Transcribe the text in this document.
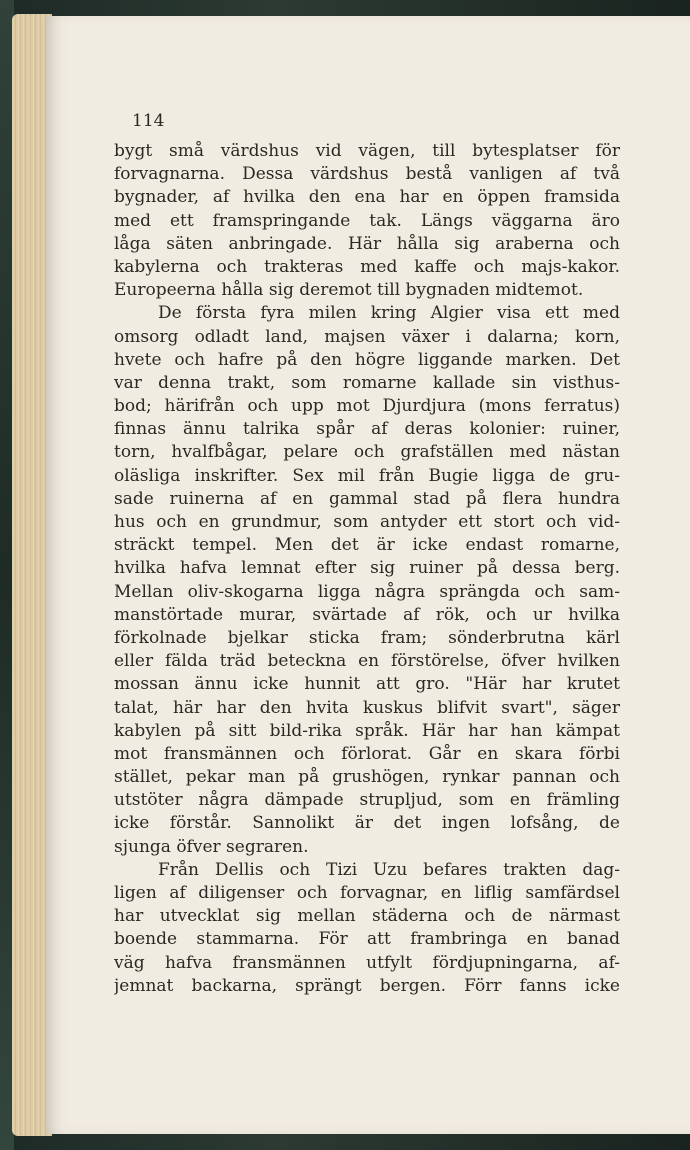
114
bygt små värdshus vid vägen, till bytesplatser för
forvagnarna. Dessa värdshus bestå vanligen af två
bygnader, af hvilka den ena har en öppen framsida
med ett framspringande tak. Längs väggarna äro
låga säten anbringade. Här hålla sig araberna och
kabylerna och trakteras med kaffe och majs-kakor.
Europeerna hålla sig deremot till bygnaden midtemot.
De första fyra milen kring Algier visa ett med
omsorg odladt land, majsen växer i dalarna; korn,
hvete och hafre på den högre liggande marken. Det
var denna trakt, som romarne kallade sin visthus-
bod; härifrån och upp mot Djurdjura (mons ferratus)
finnas ännu talrika spår af deras kolonier: ruiner,
torn, hvalfbågar, pelare och grafställen med nästan
oläsliga inskrifter. Sex mil från Bugie ligga de gru-
sade ruinerna af en gammal stad på flera hundra
hus och en grundmur, som antyder ett stort och vid-
sträckt tempel. Men det är icke endast romarne,
hvilka hafva lemnat efter sig ruiner på dessa berg.
Mellan oliv-skogarna ligga några sprängda och sam-
manstörtade murar, svärtade af rök, och ur hvilka
förkolnade bjelkar sticka fram; sönderbrutna kärl
eller fälda träd beteckna en förstörelse, öfver hvilken
mossan ännu icke hunnit att gro. "Här har krutet
talat, här har den hvita kuskus blifvit svart", säger
kabylen på sitt bild-rika språk. Här har han kämpat
mot fransmännen och förlorat. Går en skara förbi
stället, pekar man på grushögen, rynkar pannan och
utstöter några dämpade strupljud, som en främling
icke förstår. Sannolikt är det ingen lofsång, de
sjunga öfver segraren.
Från Dellis och Tizi Uzu befares trakten dag-
ligen af diligenser och forvagnar, en liflig samfärdsel
har utvecklat sig mellan städerna och de närmast
boende stammarna. För att frambringa en banad
väg hafva fransmännen utfylt fördjupningarna, af-
jemnat backarna, sprängt bergen. Förr fanns icke
